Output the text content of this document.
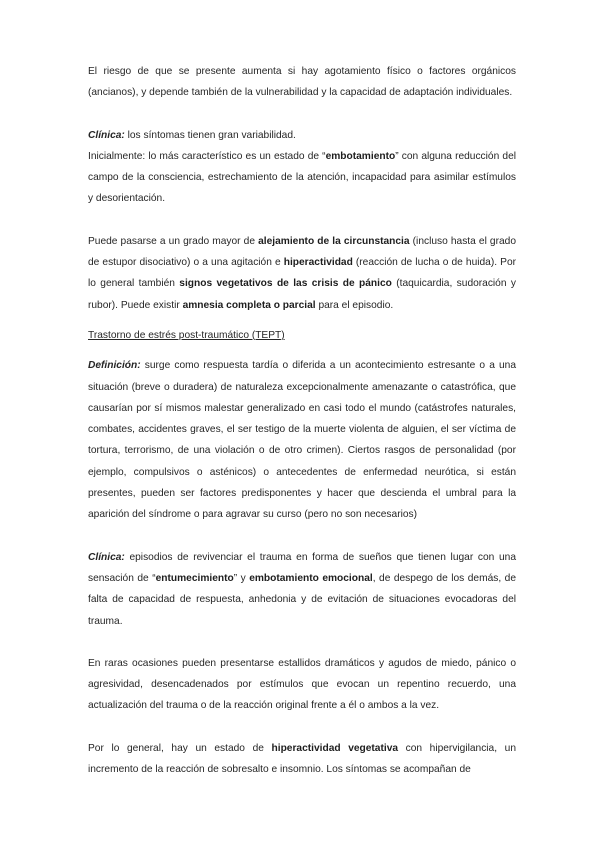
El riesgo de que se presente aumenta si hay agotamiento físico o factores orgánicos (ancianos), y depende también de la vulnerabilidad y la capacidad de adaptación individuales.

Clínica: los síntomas tienen gran variabilidad.

Inicialmente: lo más característico es un estado de “embotamiento” con alguna reducción del campo de la consciencia, estrechamiento de la atención, incapacidad para asimilar estímulos y desorientación.

Puede pasarse a un grado mayor de alejamiento de la circunstancia (incluso hasta el grado de estupor disociativo) o a una agitación e hiperactividad (reacción de lucha o de huida). Por lo general también signos vegetativos de las crisis de pánico (taquicardia, sudoración y rubor). Puede existir amnesia completa o parcial para el episodio.

Trastorno de estrés post-traumático (TEPT)

Definición: surge como respuesta tardía o diferida a un acontecimiento estresante o a una situación (breve o duradera) de naturaleza excepcionalmente amenazante o catastrófica, que causarían por sí mismos malestar generalizado en casi todo el mundo (catástrofes naturales, combates, accidentes graves, el ser testigo de la muerte violenta de alguien, el ser víctima de tortura, terrorismo, de una violación o de otro crimen). Ciertos rasgos de personalidad (por ejemplo, compulsivos o asténicos) o antecedentes de enfermedad neurótica, si están presentes, pueden ser factores predisponentes y hacer que descienda el umbral para la aparición del síndrome o para agravar su curso (pero no son necesarios)

Clínica: episodios de revivenciar el trauma en forma de sueños que tienen lugar con una sensación de “entumecimiento” y embotamiento emocional, de despego de los demás, de falta de capacidad de respuesta, anhedonia y de evitación de situaciones evocadoras del trauma.

En raras ocasiones pueden presentarse estallidos dramáticos y agudos de miedo, pánico o agresividad, desencadenados por estímulos que evocan un repentino recuerdo, una actualización del trauma o de la reacción original frente a él o ambos a la vez.

Por lo general, hay un estado de hiperactividad vegetativa con hipervigilancia, un incremento de la reacción de sobresalto e insomnio. Los síntomas se acompañan de
